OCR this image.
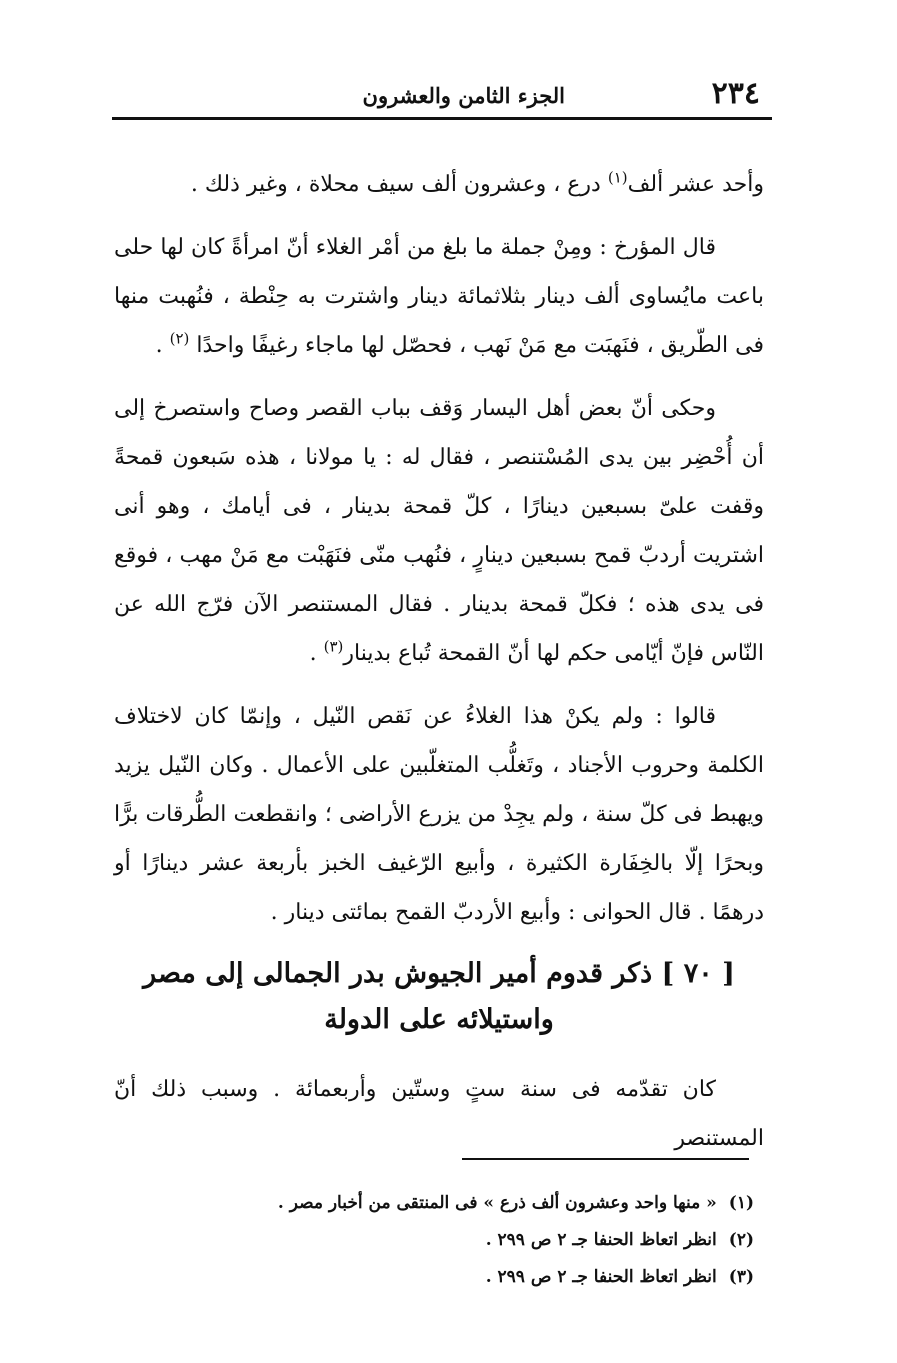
٢٣٤
الجزء الثامن والعشرون

وأحد عشر ألف$^{(١)}$ درع ، وعشرون ألف سيف محلاة ، وغير ذلك .

قال المؤرخ : ومِنْ جملة ما بلغ من أمْر الغلاء أنّ امرأةً كان لها حلى باعت مايُساوى ألف دينار بثلاثمائة دينار واشترت به حِنْطة ، فنُهبت منها فى الطّريق ، فنَهبَت مع مَنْ نَهب ، فحصّل لها ماجاء رغيفًا واحدًا $^{(٢)}$ .

وحكى أنّ بعض أهل اليسار وَقف بباب القصر وصاح واستصرخ إلى أن أُحْضِر بين يدى المُسْتنصر ، فقال له : يا مولانا ، هذه سَبعون قمحةً وقفت علىّ بسبعين دينارًا ، كلّ قمحة بدينار ، فى أيامك ، وهو أنى اشتريت أردبّ قمح بسبعين دينارٍ ، فنُهب منّى فنَهَبْت مع مَنْ مهب ، فوقع فى يدى هذه ؛ فكلّ قمحة بدينار . فقال المستنصر الآن فرّج الله عن النّاس فإنّ أيّامى حكم لها أنّ القمحة تُباع بدينار$^{(٣)}$ .

قالوا : ولم يكنْ هذا الغلاءُ عن نَقص النّيل ، وإنمّا كان لاختلاف الكلمة وحروب الأجناد ، وتَغلُّب المتغلّبين على الأعمال . وكان النّيل يزيد ويهبط فى كلّ سنة ، ولم يجِدْ من يزرع الأراضى ؛ وانقطعت الطُّرقات برًّا وبحرًا إلّا بالخِفَارة الكثيرة ، وأبيع الرّغيف الخبز بأربعة عشر دينارًا أو درهمًا . قال الحوانى : وأبيع الأردبّ القمح بمائتى دينار .

[ ٧٠ ] ذكر قدوم أمير الجيوش بدر الجمالى إلى مصر
واستيلائه على الدولة

كان تقدّمه فى سنة ستٍ وستّين وأربعمائة . وسبب ذلك أنّ المستنصر

(١)« منها واحد وعشرون ألف ذرع » فى المنتقى من أخبار مصر .
(٢)انظر اتعاظ الحنفا جـ ٢ ص ٢٩٩ .
(٣)انظر اتعاظ الحنفا جـ ٢ ص ٢٩٩ .
